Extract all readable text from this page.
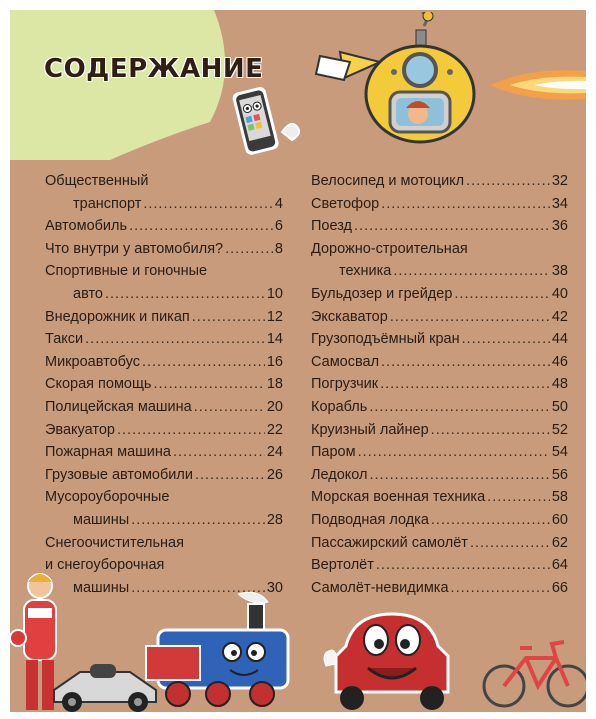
СОДЕРЖАНИЕ
Общественный
транспорт .....	4
Автомобиль .....	6
Что внутри у автомобиля? .....	8
Спортивные и гоночные
авто .....	10
Внедорожник и пикап .....	12
Такси .....	14
Микроавтобус .....	16
Скорая помощь .....	18
Полицейская машина .....	20
Эвакуатор .....	22
Пожарная машина .....	24
Грузовые автомобили .....	26
Мусороуборочные
машины .....	28
Снегоочистительная
и снегоуборочная
машины .....	30
Велосипед и мотоцикл .....	32
Светофор .....	34
Поезд .....	36
Дорожно-строительная
техника .....	38
Бульдозер и грейдер .....	40
Экскаватор .....	42
Грузоподъёмный кран .....	44
Самосвал .....	46
Погрузчик .....	48
Корабль .....	50
Круизный лайнер .....	52
Паром .....	54
Ледокол .....	56
Морская военная техника .....	58
Подводная лодка .....	60
Пассажирский самолёт .....	62
Вертолёт .....	64
Самолёт-невидимка .....	66
